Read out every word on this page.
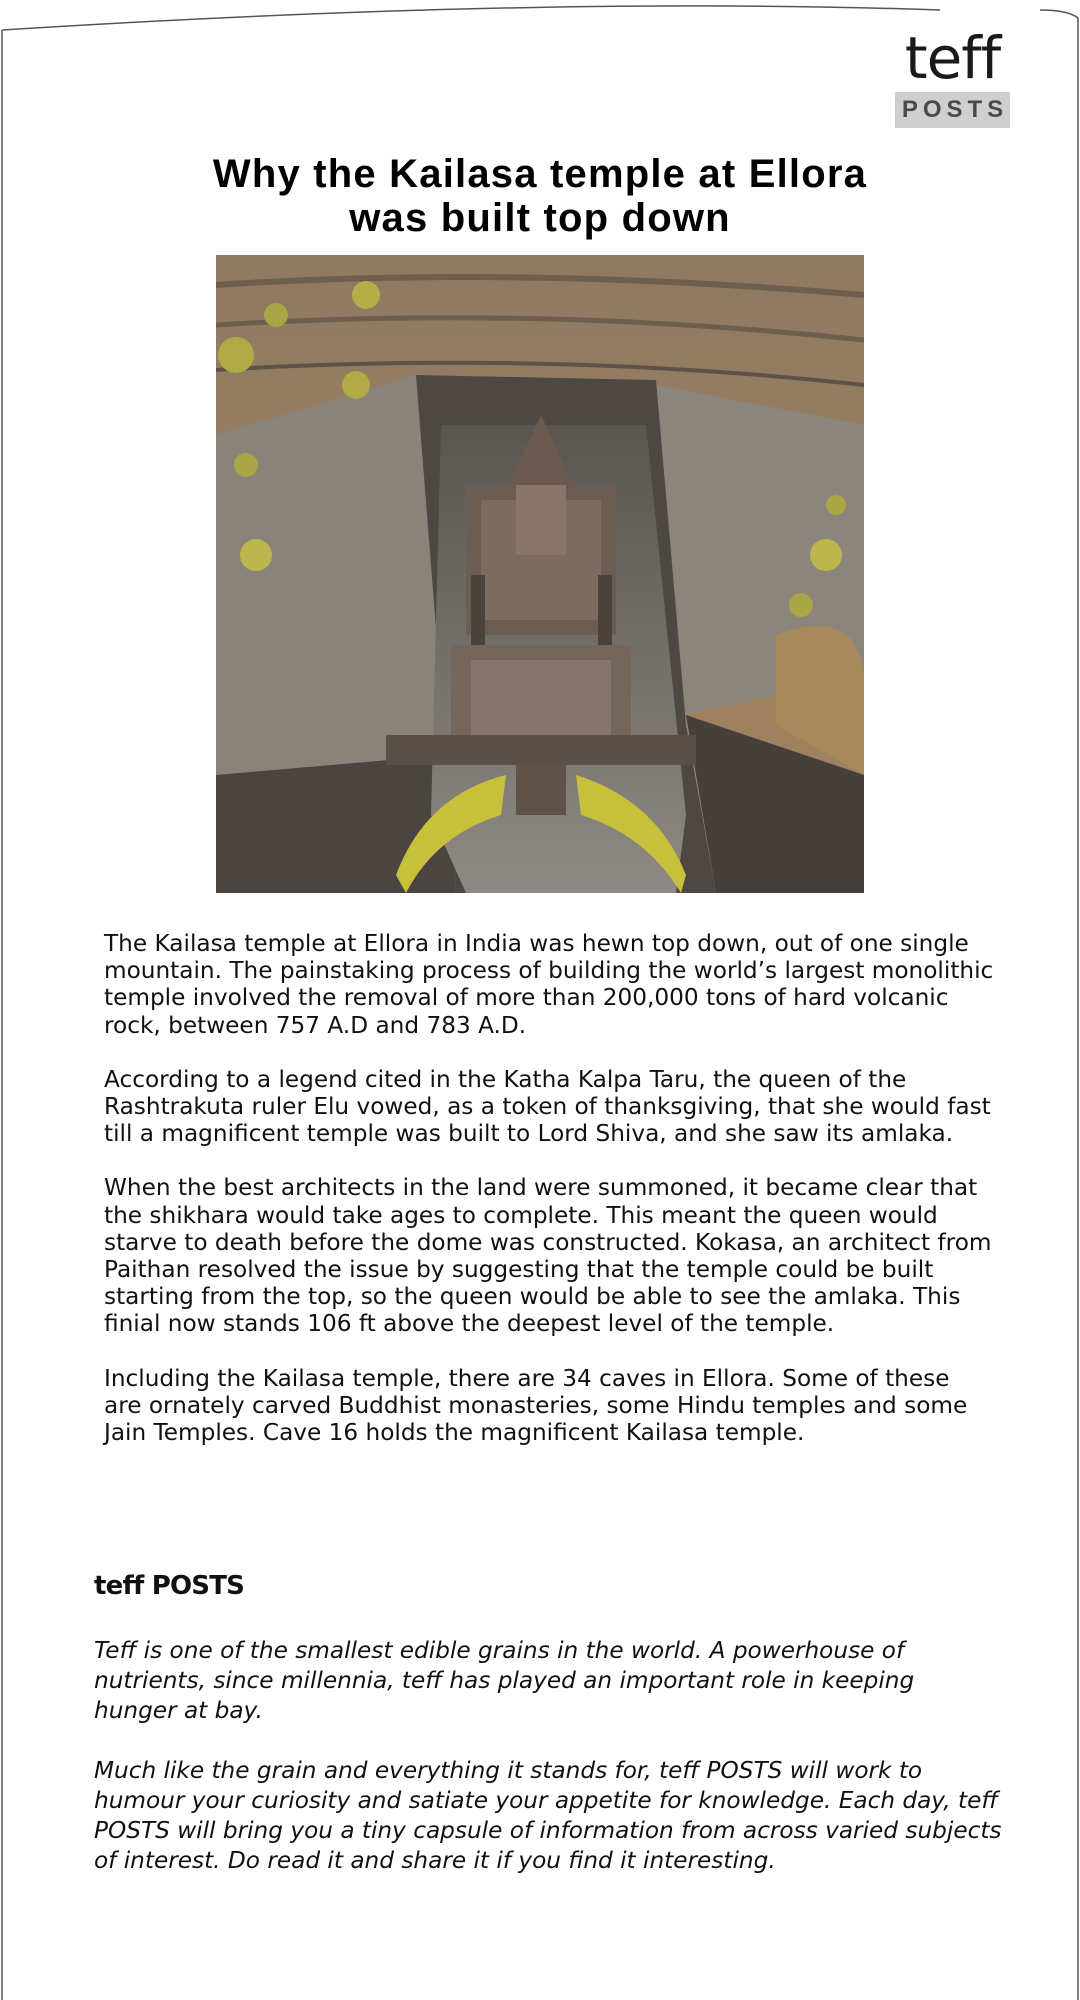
teff
POSTS
Why the Kailasa temple at Ellora
was built top down

The Kailasa temple at Ellora in India was hewn top down, out of one single mountain. The painstaking process of building the world’s largest monolithic temple involved the removal of more than 200,000 tons of hard volcanic rock, between 757 A.D and 783 A.D.

According to a legend cited in the Katha Kalpa Taru, the queen of the Rashtrakuta ruler Elu vowed, as a token of thanksgiving, that she would fast till a magnificent temple was built to Lord Shiva, and she saw its amlaka.

When the best architects in the land were summoned, it became clear that the shikhara would take ages to complete. This meant the queen would starve to death before the dome was constructed. Kokasa, an architect from Paithan resolved the issue by suggesting that the temple could be built starting from the top, so the queen would be able to see the amlaka. This finial now stands 106 ft above the deepest level of the temple.

Including the Kailasa temple, there are 34 caves in Ellora. Some of these are ornately carved Buddhist monasteries, some Hindu temples and some Jain Temples. Cave 16 holds the magnificent Kailasa temple.

teff POSTS

Teff is one of the smallest edible grains in the world. A powerhouse of nutrients, since millennia, teff has played an important role in keeping hunger at bay.

Much like the grain and everything it stands for, teff POSTS will work to humour your curiosity and satiate your appetite for knowledge. Each day, teff POSTS will bring you a tiny capsule of information from across varied subjects of interest. Do read it and share it if you find it interesting.
